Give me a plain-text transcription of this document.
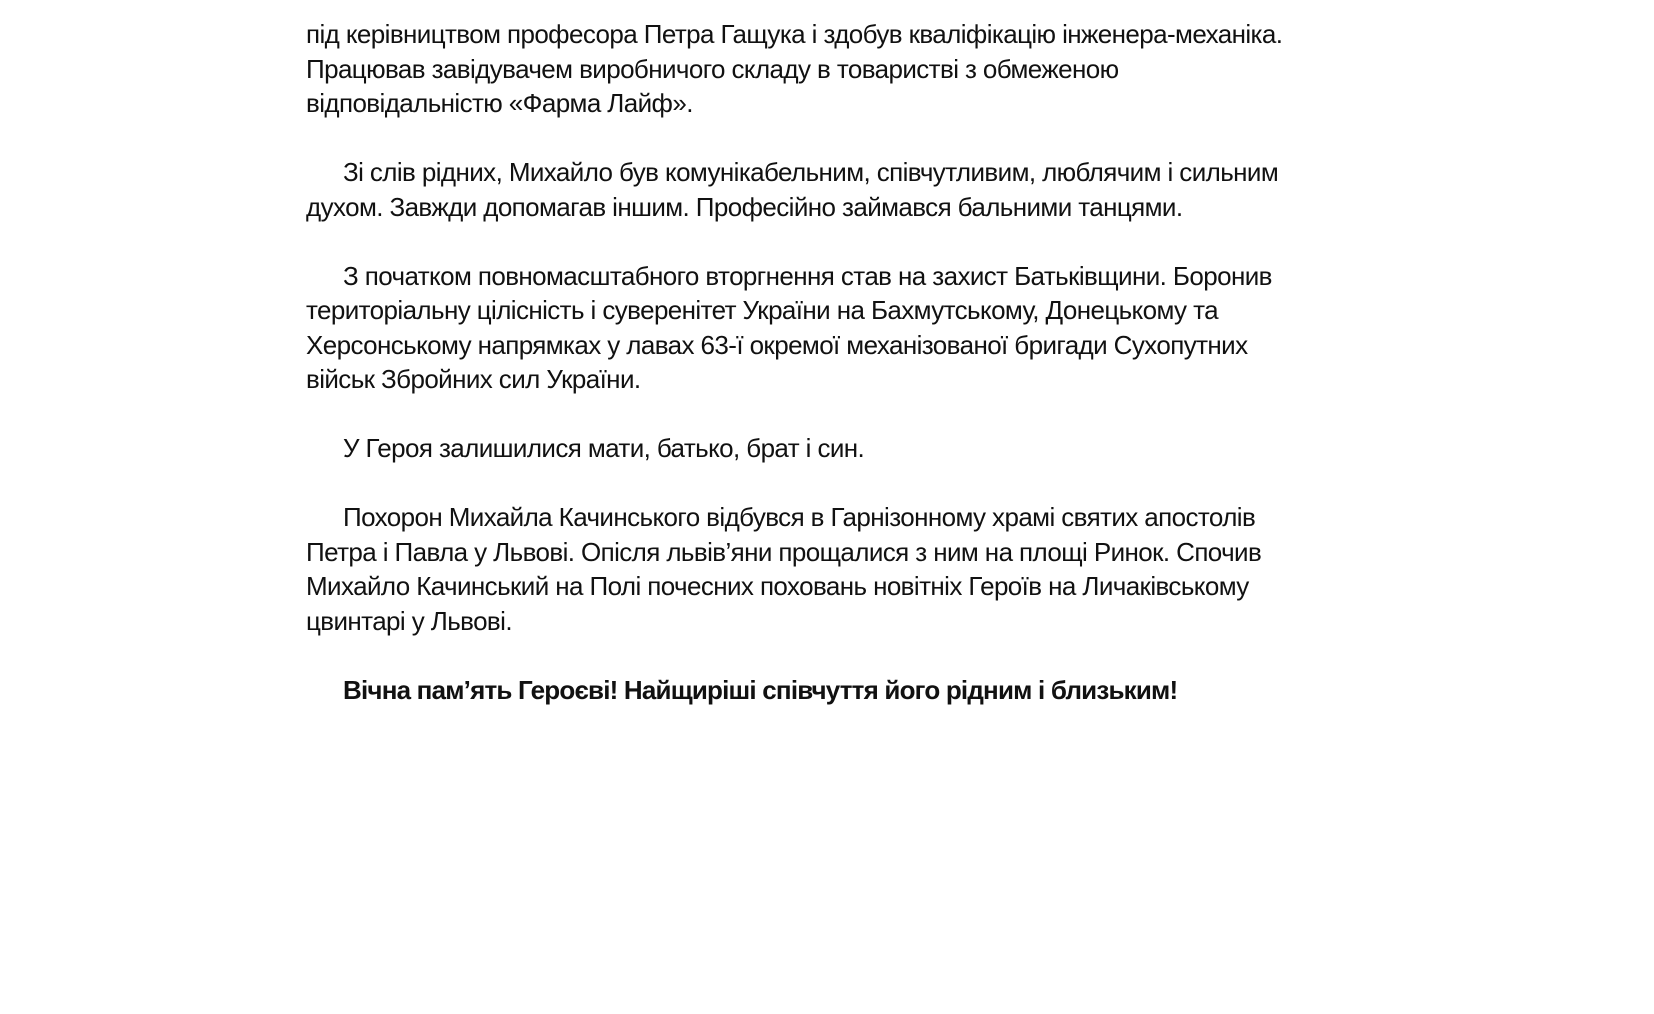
під керівництвом професора Петра Гащука і здобув кваліфікацію інженера-механіка. Працював завідувачем виробничого складу в товаристві з обмеженою відповідальністю «Фарма Лайф».

Зі слів рідних, Михайло був комунікабельним, співчутливим, люблячим і сильним духом. Завжди допомагав іншим. Професійно займався бальними танцями.

З початком повномасштабного вторгнення став на захист Батьківщини. Боронив територіальну цілісність і суверенітет України на Бахмутському, Донецькому та Херсонському напрямках у лавах 63-ї окремої механізованої бригади Сухопутних військ Збройних сил України.

У Героя залишилися мати, батько, брат і син.

Похорон Михайла Качинського відбувся в Гарнізонному храмі святих апостолів Петра і Павла у Львові. Опісля львів’яни прощалися з ним на площі Ринок. Спочив Михайло Качинський на Полі почесних поховань новітніх Героїв на Личаківському цвинтарі у Львові.

Вічна пам’ять Героєві! Найщиріші співчуття його рідним і близьким!
